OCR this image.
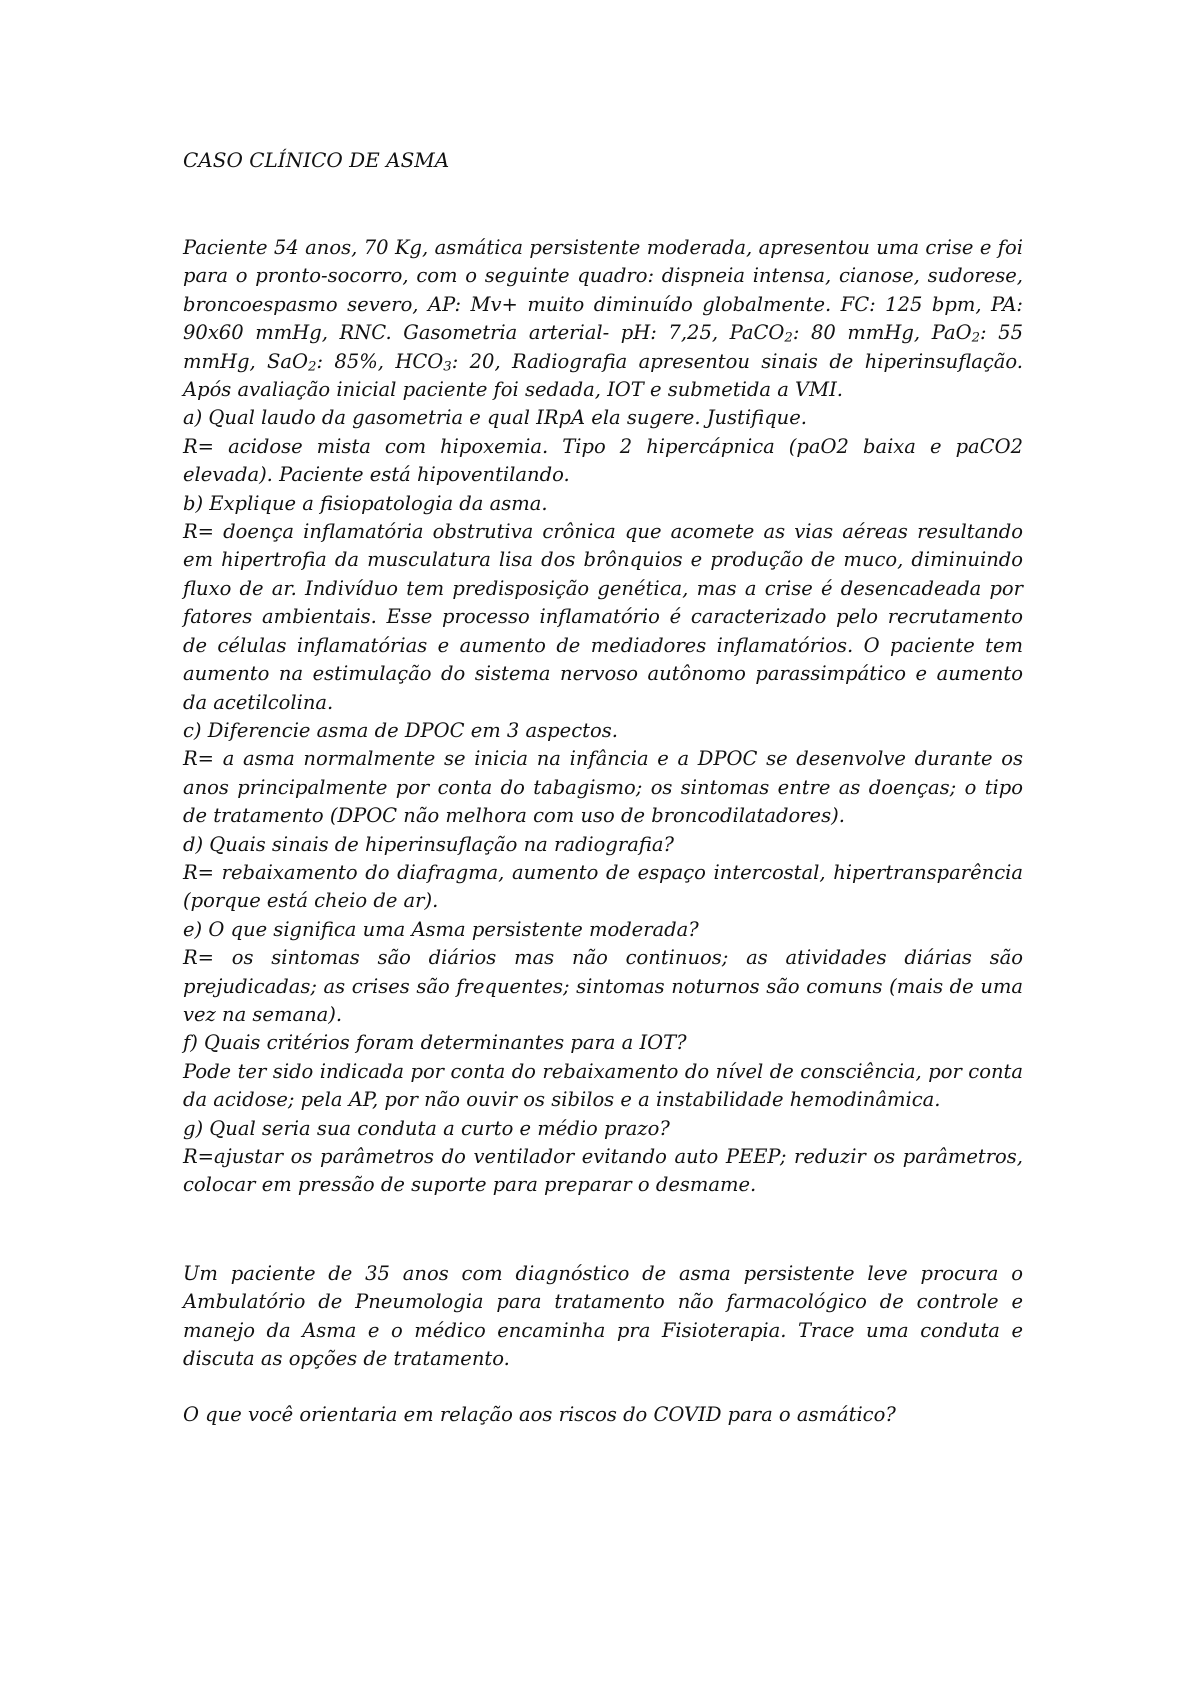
CASO CLÍNICO DE ASMA

Paciente 54 anos, 70 Kg, asmática persistente moderada, apresentou uma crise e foi para o pronto-socorro, com o seguinte quadro: dispneia intensa, cianose, sudorese, broncoespasmo severo, AP: Mv+ muito diminuído globalmente. FC: 125 bpm, PA: 90x60 mmHg, RNC. Gasometria arterial- pH: 7,25, PaCO$_2$: 80 mmHg, PaO$_2$: 55 mmHg, SaO$_2$: 85%, $HCO_3$: 20, Radiografia apresentou sinais de hiperinsuflação. Após avaliação inicial paciente foi sedada, IOT e submetida a VMI.

a) Qual laudo da gasometria e qual IRpA ela sugere. Justifique.

R= acidose mista com hipoxemia. Tipo 2 hipercápnica (paO2 baixa e paCO2 elevada). Paciente está hipoventilando.

b) Explique a fisiopatologia da asma.

R= doença inflamatória obstrutiva crônica que acomete as vias aéreas resultando em hipertrofia da musculatura lisa dos brônquios e produção de muco, diminuindo fluxo de ar. Indivíduo tem predisposição genética, mas a crise é desencadeada por fatores ambientais. Esse processo inflamatório é caracterizado pelo recrutamento de células inflamatórias e aumento de mediadores inflamatórios. O paciente tem aumento na estimulação do sistema nervoso autônomo parassimpático e aumento da acetilcolina.

c) Diferencie asma de DPOC em 3 aspectos.

R= a asma normalmente se inicia na infância e a DPOC se desenvolve durante os anos principalmente por conta do tabagismo; os sintomas entre as doenças; o tipo de tratamento (DPOC não melhora com uso de broncodilatadores).

d) Quais sinais de hiperinsuflação na radiografia?

R= rebaixamento do diafragma, aumento de espaço intercostal, hipertransparência (porque está cheio de ar).

e) O que significa uma Asma persistente moderada?

R= os sintomas são diários mas não continuos; as atividades diárias são prejudicadas; as crises são frequentes; sintomas noturnos são comuns (mais de uma vez na semana).

f) Quais critérios foram determinantes para a IOT?

Pode ter sido indicada por conta do rebaixamento do nível de consciência, por conta da acidose; pela AP, por não ouvir os sibilos e a instabilidade hemodinâmica.

g) Qual seria sua conduta a curto e médio prazo?

R=ajustar os parâmetros do ventilador evitando auto PEEP; reduzir os parâmetros, colocar em pressão de suporte para preparar o desmame.

Um paciente de 35 anos com diagnóstico de asma persistente leve procura o Ambulatório de Pneumologia para tratamento não farmacológico de controle e manejo da Asma e o médico encaminha pra Fisioterapia. Trace uma conduta e discuta as opções de tratamento.

O que você orientaria em relação aos riscos do COVID para o asmático?
